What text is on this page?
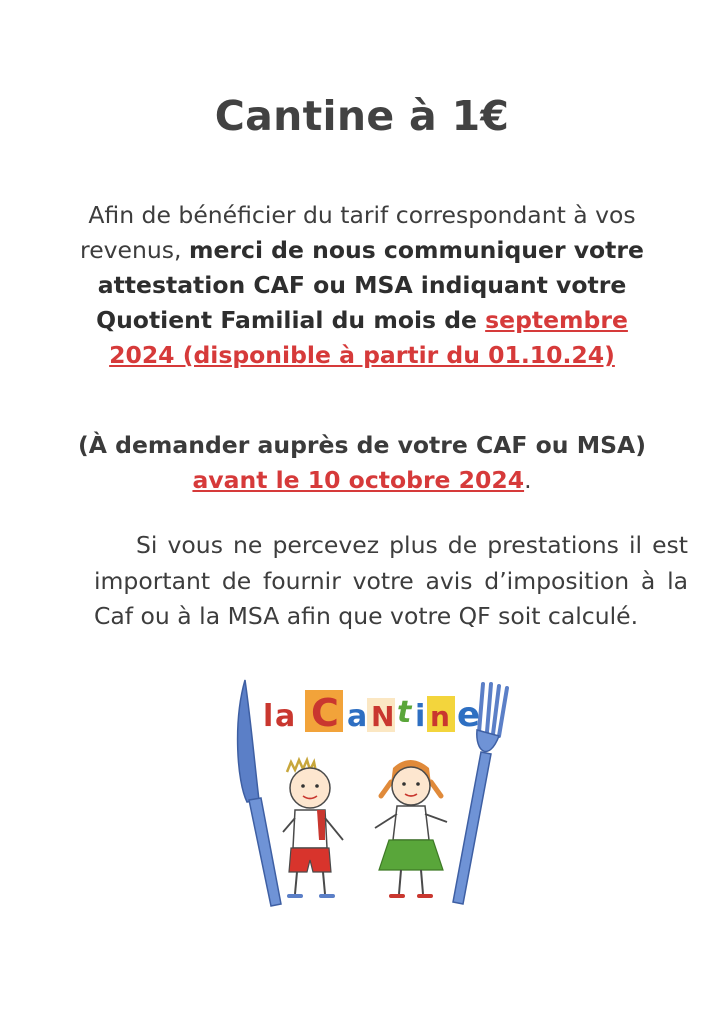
Cantine à 1€
Afin de bénéficier du tarif correspondant à vos revenus, merci de nous communiquer votre attestation CAF ou MSA indiquant votre Quotient Familial du mois de septembre 2024 (disponible à partir du 01.10.24)
(À demander auprès de votre CAF ou MSA) avant le 10 octobre 2024.
Si vous ne percevez plus de prestations il est important de fournir votre avis d’imposition à la Caf ou à la MSA afin que votre QF soit calculé.
l a C a N t i n e
